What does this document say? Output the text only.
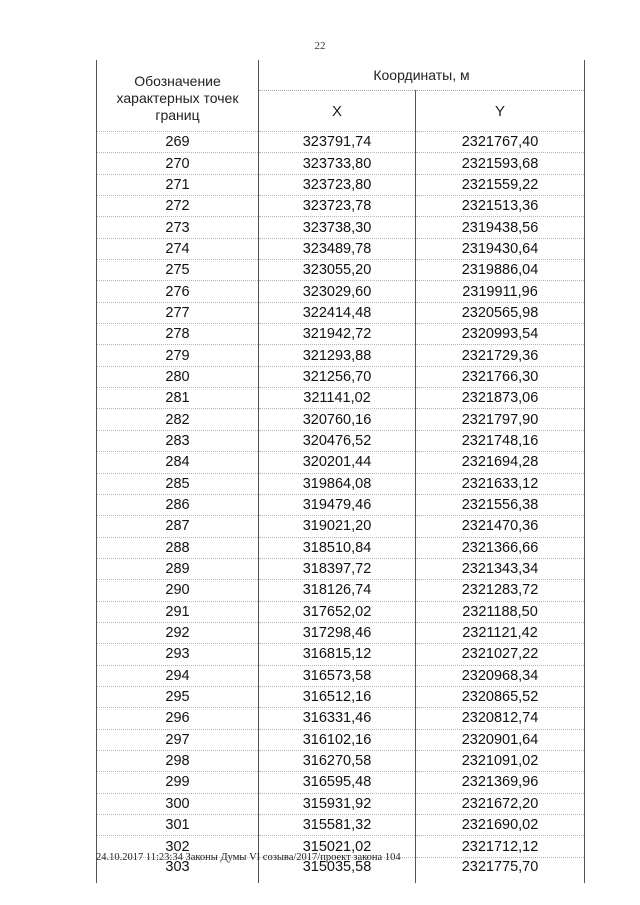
22
Обозначение характерных точек границ	Координаты, м	
	X	Y
269	323791,74	2321767,40
270	323733,80	2321593,68
271	323723,80	2321559,22
272	323723,78	2321513,36
273	323738,30	2319438,56
274	323489,78	2319430,64
275	323055,20	2319886,04
276	323029,60	2319911,96
277	322414,48	2320565,98
278	321942,72	2320993,54
279	321293,88	2321729,36
280	321256,70	2321766,30
281	321141,02	2321873,06
282	320760,16	2321797,90
283	320476,52	2321748,16
284	320201,44	2321694,28
285	319864,08	2321633,12
286	319479,46	2321556,38
287	319021,20	2321470,36
288	318510,84	2321366,66
289	318397,72	2321343,34
290	318126,74	2321283,72
291	317652,02	2321188,50
292	317298,46	2321121,42
293	316815,12	2321027,22
294	316573,58	2320968,34
295	316512,16	2320865,52
296	316331,46	2320812,74
297	316102,16	2320901,64
298	316270,58	2321091,02
299	316595,48	2321369,96
300	315931,92	2321672,20
301	315581,32	2321690,02
302	315021,02	2321712,12
303	315035,58	2321775,70
24.10.2017 11:23:34 Законы Думы VI созыва/2017/проект закона 104
